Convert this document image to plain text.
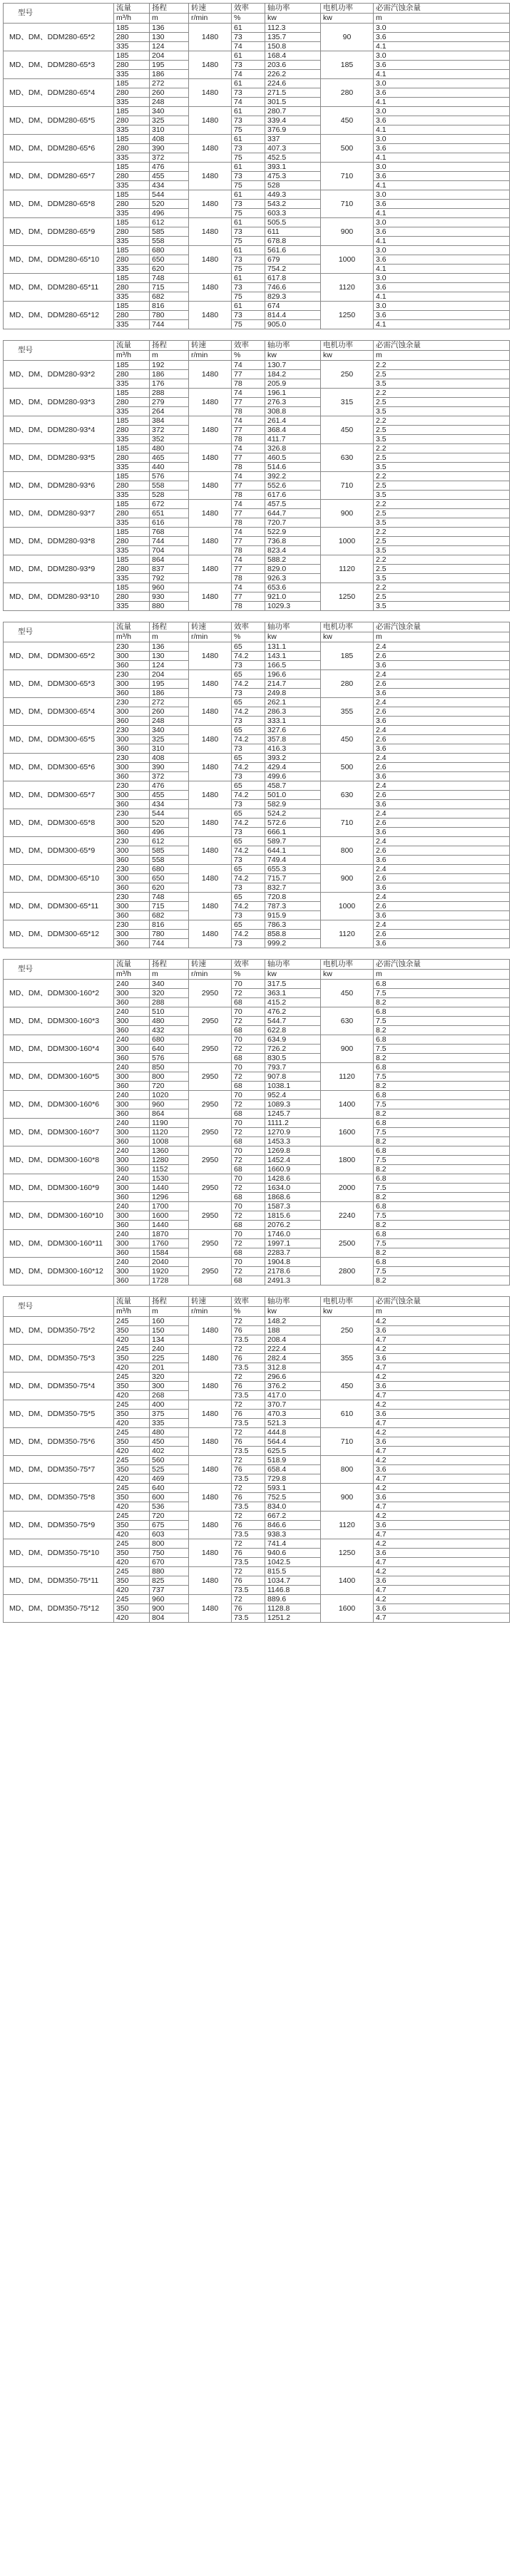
型号	流量	扬程	转速	效率	轴功率	电机功率	必需汽蚀余量
	m³/h	m	r/min	%	kw	kw	m
MD、DM、DDM280-65*2	185	136	1480	61	112.3	90	3.0
	280	130		73	135.7		3.6
	335	124		74	150.8		4.1
MD、DM、DDM280-65*3	185	204	1480	61	168.4	185	3.0
	280	195		73	203.6		3.6
	335	186		74	226.2		4.1
MD、DM、DDM280-65*4	185	272	1480	61	224.6	280	3.0
	280	260		73	271.5		3.6
	335	248		74	301.5		4.1
MD、DM、DDM280-65*5	185	340	1480	61	280.7	450	3.0
	280	325		73	339.4		3.6
	335	310		75	376.9		4.1
MD、DM、DDM280-65*6	185	408	1480	61	337	500	3.0
	280	390		73	407.3		3.6
	335	372		75	452.5		4.1
MD、DM、DDM280-65*7	185	476	1480	61	393.1	710	3.0
	280	455		73	475.3		3.6
	335	434		75	528		4.1
MD、DM、DDM280-65*8	185	544	1480	61	449.3	710	3.0
	280	520		73	543.2		3.6
	335	496		75	603.3		4.1
MD、DM、DDM280-65*9	185	612	1480	61	505.5	900	3.0
	280	585		73	611		3.6
	335	558		75	678.8		4.1
MD、DM、DDM280-65*10	185	680	1480	61	561.6	1000	3.0
	280	650		73	679		3.6
	335	620		75	754.2		4.1
MD、DM、DDM280-65*11	185	748	1480	61	617.8	1120	3.0
	280	715		73	746.6		3.6
	335	682		75	829.3		4.1
MD、DM、DDM280-65*12	185	816	1480	61	674	1250	3.0
	280	780		73	814.4		3.6
	335	744		75	905.0		4.1
型号	流量	扬程	转速	效率	轴功率	电机功率	必需汽蚀余量
	m³/h	m	r/min	%	kw	kw	m
MD、DM、DDM280-93*2	185	192	1480	74	130.7	250	2.2
	280	186		77	184.2		2.5
	335	176		78	205.9		3.5
MD、DM、DDM280-93*3	185	288	1480	74	196.1	315	2.2
	280	279		77	276.3		2.5
	335	264		78	308.8		3.5
MD、DM、DDM280-93*4	185	384	1480	74	261.4	450	2.2
	280	372		77	368.4		2.5
	335	352		78	411.7		3.5
MD、DM、DDM280-93*5	185	480	1480	74	326.8	630	2.2
	280	465		77	460.5		2.5
	335	440		78	514.6		3.5
MD、DM、DDM280-93*6	185	576	1480	74	392.2	710	2.2
	280	558		77	552.6		2.5
	335	528		78	617.6		3.5
MD、DM、DDM280-93*7	185	672	1480	74	457.5	900	2.2
	280	651		77	644.7		2.5
	335	616		78	720.7		3.5
MD、DM、DDM280-93*8	185	768	1480	74	522.9	1000	2.2
	280	744		77	736.8		2.5
	335	704		78	823.4		3.5
MD、DM、DDM280-93*9	185	864	1480	74	588.2	1120	2.2
	280	837		77	829.0		2.5
	335	792		78	926.3		3.5
MD、DM、DDM280-93*10	185	960	1480	74	653.6	1250	2.2
	280	930		77	921.0		2.5
	335	880		78	1029.3		3.5
型号	流量	扬程	转速	效率	轴功率	电机功率	必需汽蚀余量
	m³/h	m	r/min	%	kw	kw	m
MD、DM、DDM300-65*2	230	136	1480	65	131.1	185	2.4
	300	130		74.2	143.1		2.6
	360	124		73	166.5		3.6
MD、DM、DDM300-65*3	230	204	1480	65	196.6	280	2.4
	300	195		74.2	214.7		2.6
	360	186		73	249.8		3.6
MD、DM、DDM300-65*4	230	272	1480	65	262.1	355	2.4
	300	260		74.2	286.3		2.6
	360	248		73	333.1		3.6
MD、DM、DDM300-65*5	230	340	1480	65	327.6	450	2.4
	300	325		74.2	357.8		2.6
	360	310		73	416.3		3.6
MD、DM、DDM300-65*6	230	408	1480	65	393.2	500	2.4
	300	390		74.2	429.4		2.6
	360	372		73	499.6		3.6
MD、DM、DDM300-65*7	230	476	1480	65	458.7	630	2.4
	300	455		74.2	501.0		2.6
	360	434		73	582.9		3.6
MD、DM、DDM300-65*8	230	544	1480	65	524.2	710	2.4
	300	520		74.2	572.6		2.6
	360	496		73	666.1		3.6
MD、DM、DDM300-65*9	230	612	1480	65	589.7	800	2.4
	300	585		74.2	644.1		2.6
	360	558		73	749.4		3.6
MD、DM、DDM300-65*10	230	680	1480	65	655.3	900	2.4
	300	650		74.2	715.7		2.6
	360	620		73	832.7		3.6
MD、DM、DDM300-65*11	230	748	1480	65	720.8	1000	2.4
	300	715		74.2	787.3		2.6
	360	682		73	915.9		3.6
MD、DM、DDM300-65*12	230	816	1480	65	786.3	1120	2.4
	300	780		74.2	858.8		2.6
	360	744		73	999.2		3.6
型号	流量	扬程	转速	效率	轴功率	电机功率	必需汽蚀余量
	m³/h	m	r/min	%	kw	kw	m
MD、DM、DDM300-160*2	240	340	2950	70	317.5	450	6.8
	300	320		72	363.1		7.5
	360	288		68	415.2		8.2
MD、DM、DDM300-160*3	240	510	2950	70	476.2	630	6.8
	300	480		72	544.7		7.5
	360	432		68	622.8		8.2
MD、DM、DDM300-160*4	240	680	2950	70	634.9	900	6.8
	300	640		72	726.2		7.5
	360	576		68	830.5		8.2
MD、DM、DDM300-160*5	240	850	2950	70	793.7	1120	6.8
	300	800		72	907.8		7.5
	360	720		68	1038.1		8.2
MD、DM、DDM300-160*6	240	1020	2950	70	952.4	1400	6.8
	300	960		72	1089.3		7.5
	360	864		68	1245.7		8.2
MD、DM、DDM300-160*7	240	1190	2950	70	1111.2	1600	6.8
	300	1120		72	1270.9		7.5
	360	1008		68	1453.3		8.2
MD、DM、DDM300-160*8	240	1360	2950	70	1269.8	1800	6.8
	300	1280		72	1452.4		7.5
	360	1152		68	1660.9		8.2
MD、DM、DDM300-160*9	240	1530	2950	70	1428.6	2000	6.8
	300	1440		72	1634.0		7.5
	360	1296		68	1868.6		8.2
MD、DM、DDM300-160*10	240	1700	2950	70	1587.3	2240	6.8
	300	1600		72	1815.6		7.5
	360	1440		68	2076.2		8.2
MD、DM、DDM300-160*11	240	1870	2950	70	1746.0	2500	6.8
	300	1760		72	1997.1		7.5
	360	1584		68	2283.7		8.2
MD、DM、DDM300-160*12	240	2040	2950	70	1904.8	2800	6.8
	300	1920		72	2178.6		7.5
	360	1728		68	2491.3		8.2
型号	流量	扬程	转速	效率	轴功率	电机功率	必需汽蚀余量
	m³/h	m	r/min	%	kw	kw	m
MD、DM、DDM350-75*2	245	160	1480	72	148.2	250	4.2
	350	150		76	188		3.6
	420	134		73.5	208.4		4.7
MD、DM、DDM350-75*3	245	240	1480	72	222.4	355	4.2
	350	225		76	282.4		3.6
	420	201		73.5	312.8		4.7
MD、DM、DDM350-75*4	245	320	1480	72	296.6	450	4.2
	350	300		76	376.2		3.6
	420	268		73.5	417.0		4.7
MD、DM、DDM350-75*5	245	400	1480	72	370.7	610	4.2
	350	375		76	470.3		3.6
	420	335		73.5	521.3		4.7
MD、DM、DDM350-75*6	245	480	1480	72	444.8	710	4.2
	350	450		76	564.4		3.6
	420	402		73.5	625.5		4.7
MD、DM、DDM350-75*7	245	560	1480	72	518.9	800	4.2
	350	525		76	658.4		3.6
	420	469		73.5	729.8		4.7
MD、DM、DDM350-75*8	245	640	1480	72	593.1	900	4.2
	350	600		76	752.5		3.6
	420	536		73.5	834.0		4.7
MD、DM、DDM350-75*9	245	720	1480	72	667.2	1120	4.2
	350	675		76	846.6		3.6
	420	603		73.5	938.3		4.7
MD、DM、DDM350-75*10	245	800	1480	72	741.4	1250	4.2
	350	750		76	940.6		3.6
	420	670		73.5	1042.5		4.7
MD、DM、DDM350-75*11	245	880	1480	72	815.5	1400	4.2
	350	825		76	1034.7		3.6
	420	737		73.5	1146.8		4.7
MD、DM、DDM350-75*12	245	960	1480	72	889.6	1600	4.2
	350	900		76	1128.8		3.6
	420	804		73.5	1251.2		4.7
